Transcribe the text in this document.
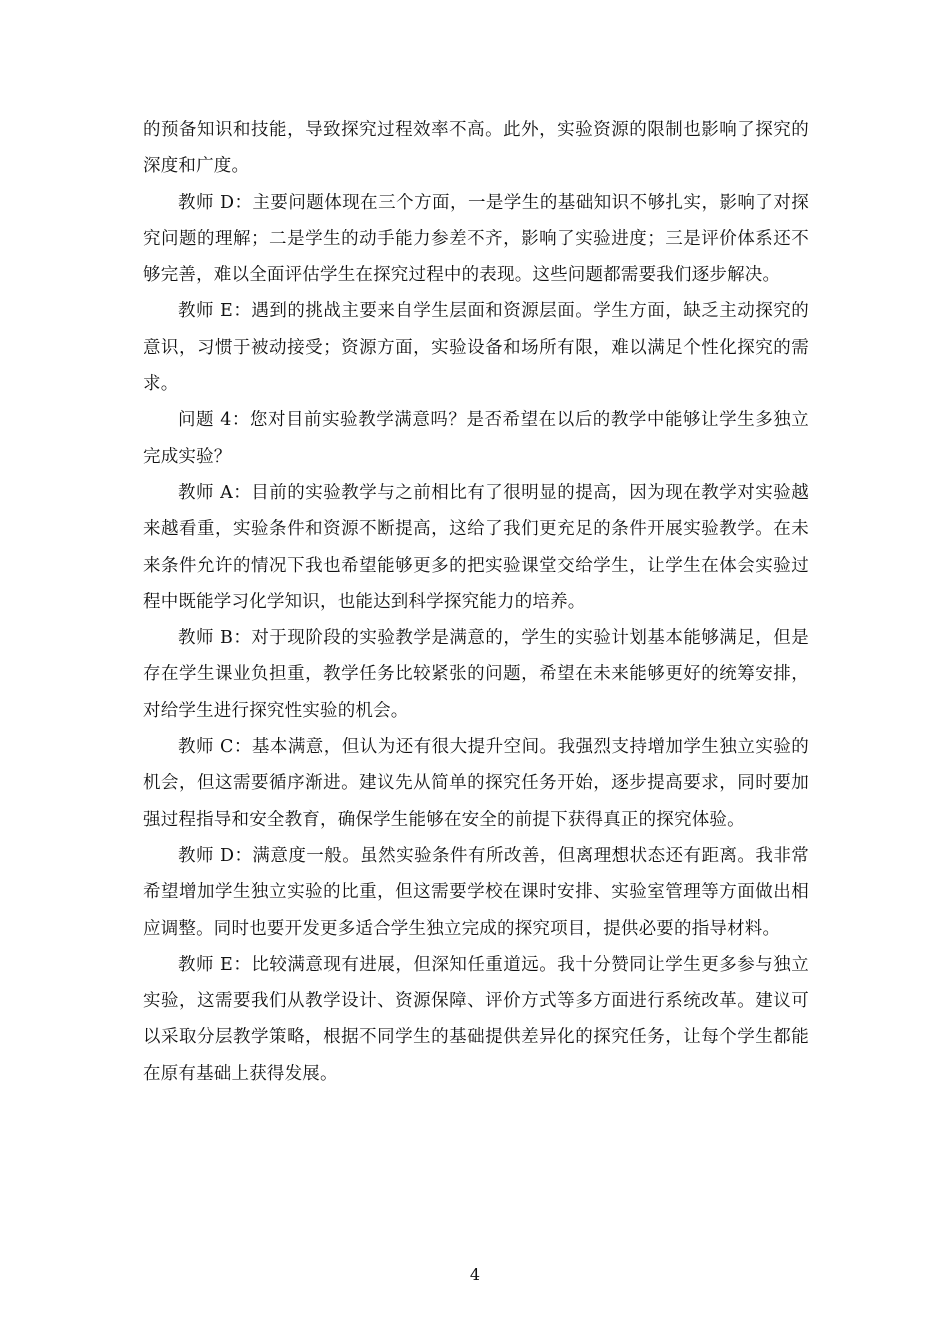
的预备知识和技能，导致探究过程效率不高。此外，实验资源的限制也影响了探究的深度和广度。

教师 D：主要问题体现在三个方面，一是学生的基础知识不够扎实，影响了对探究问题的理解；二是学生的动手能力参差不齐，影响了实验进度；三是评价体系还不够完善，难以全面评估学生在探究过程中的表现。这些问题都需要我们逐步解决。

教师 E：遇到的挑战主要来自学生层面和资源层面。学生方面，缺乏主动探究的意识，习惯于被动接受；资源方面，实验设备和场所有限，难以满足个性化探究的需求。

问题 4：您对目前实验教学满意吗？是否希望在以后的教学中能够让学生多独立完成实验？

教师 A：目前的实验教学与之前相比有了很明显的提高，因为现在教学对实验越来越看重，实验条件和资源不断提高，这给了我们更充足的条件开展实验教学。在未来条件允许的情况下我也希望能够更多的把实验课堂交给学生，让学生在体会实验过程中既能学习化学知识，也能达到科学探究能力的培养。

教师 B：对于现阶段的实验教学是满意的，学生的实验计划基本能够满足，但是存在学生课业负担重，教学任务比较紧张的问题，希望在未来能够更好的统筹安排，对给学生进行探究性实验的机会。

教师 C：基本满意，但认为还有很大提升空间。我强烈支持增加学生独立实验的机会，但这需要循序渐进。建议先从简单的探究任务开始，逐步提高要求，同时要加强过程指导和安全教育，确保学生能够在安全的前提下获得真正的探究体验。

教师 D：满意度一般。虽然实验条件有所改善，但离理想状态还有距离。我非常希望增加学生独立实验的比重，但这需要学校在课时安排、实验室管理等方面做出相应调整。同时也要开发更多适合学生独立完成的探究项目，提供必要的指导材料。

教师 E：比较满意现有进展，但深知任重道远。我十分赞同让学生更多参与独立实验，这需要我们从教学设计、资源保障、评价方式等多方面进行系统改革。建议可以采取分层教学策略，根据不同学生的基础提供差异化的探究任务，让每个学生都能在原有基础上获得发展。

4
